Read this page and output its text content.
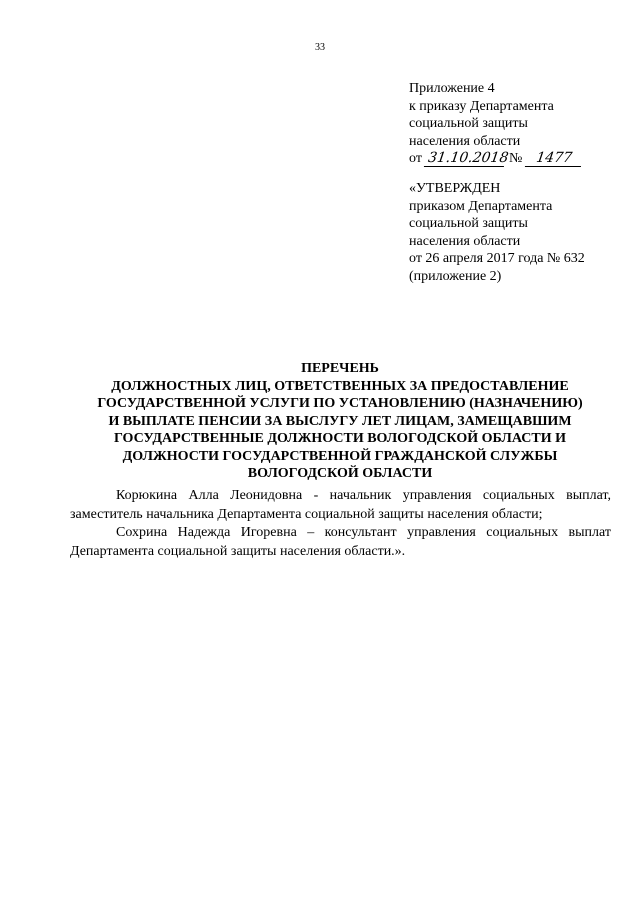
33
Приложение 4
к приказу Департамента
социальной защиты
населения области
от 31.10.2018 № 1477
«УТВЕРЖДЕН
приказом Департамента
социальной защиты
населения области
от 26 апреля 2017 года № 632
(приложение 2)
ПЕРЕЧЕНЬ
ДОЛЖНОСТНЫХ ЛИЦ, ОТВЕТСТВЕННЫХ ЗА ПРЕДОСТАВЛЕНИЕ
ГОСУДАРСТВЕННОЙ УСЛУГИ ПО УСТАНОВЛЕНИЮ (НАЗНАЧЕНИЮ)
И ВЫПЛАТЕ ПЕНСИИ ЗА ВЫСЛУГУ ЛЕТ ЛИЦАМ, ЗАМЕЩАВШИМ
ГОСУДАРСТВЕННЫЕ ДОЛЖНОСТИ ВОЛОГОДСКОЙ ОБЛАСТИ И
ДОЛЖНОСТИ ГОСУДАРСТВЕННОЙ ГРАЖДАНСКОЙ СЛУЖБЫ
ВОЛОГОДСКОЙ ОБЛАСТИ

Корюкина Алла Леонидовна - начальник управления социальных выплат, заместитель начальника Департамента социальной защиты населения области;

Сохрина Надежда Игоревна – консультант управления социальных выплат Департамента социальной защиты населения области.».
